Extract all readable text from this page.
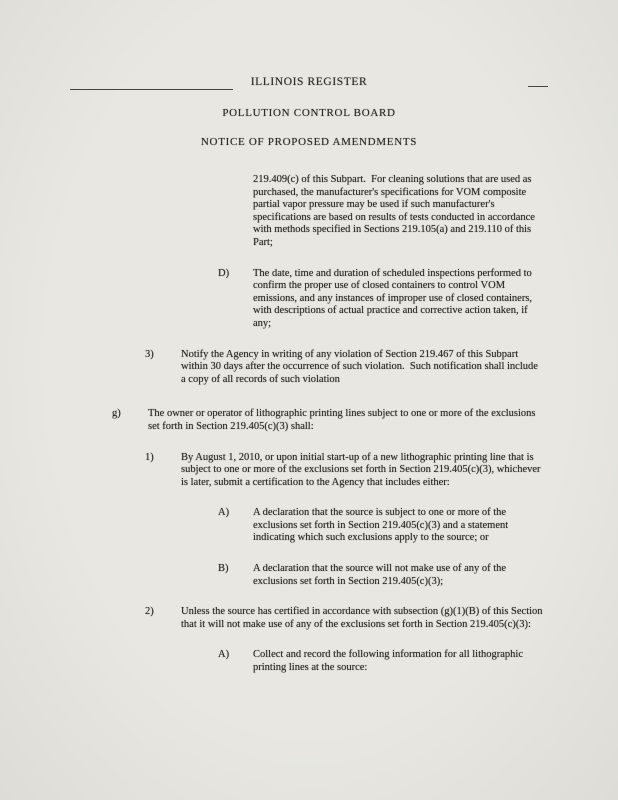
ILLINOIS REGISTER
POLLUTION CONTROL BOARD
NOTICE OF PROPOSED AMENDMENTS
219.409(c) of this Subpart.  For cleaning solutions that are used as purchased, the manufacturer's specifications for VOM composite partial vapor pressure may be used if such manufacturer's specifications are based on results of tests conducted in accordance with methods specified in Sections 219.105(a) and 219.110 of this Part;
D)	The date, time and duration of scheduled inspections performed to confirm the proper use of closed containers to control VOM emissions, and any instances of improper use of closed containers, with descriptions of actual practice and corrective action taken, if any;
3)	Notify the Agency in writing of any violation of Section 219.467 of this Subpart within 30 days after the occurrence of such violation.  Such notification shall include a copy of all records of such violation
g)	The owner or operator of lithographic printing lines subject to one or more of the exclusions set forth in Section 219.405(c)(3) shall:
1)	By August 1, 2010, or upon initial start-up of a new lithographic printing line that is subject to one or more of the exclusions set forth in Section 219.405(c)(3), whichever is later, submit a certification to the Agency that includes either:
A)	A declaration that the source is subject to one or more of the exclusions set forth in Section 219.405(c)(3) and a statement indicating which such exclusions apply to the source; or
B)	A declaration that the source will not make use of any of the exclusions set forth in Section 219.405(c)(3);
2)	Unless the source has certified in accordance with subsection (g)(1)(B) of this Section that it will not make use of any of the exclusions set forth in Section 219.405(c)(3):
A)	Collect and record the following information for all lithographic printing lines at the source:
